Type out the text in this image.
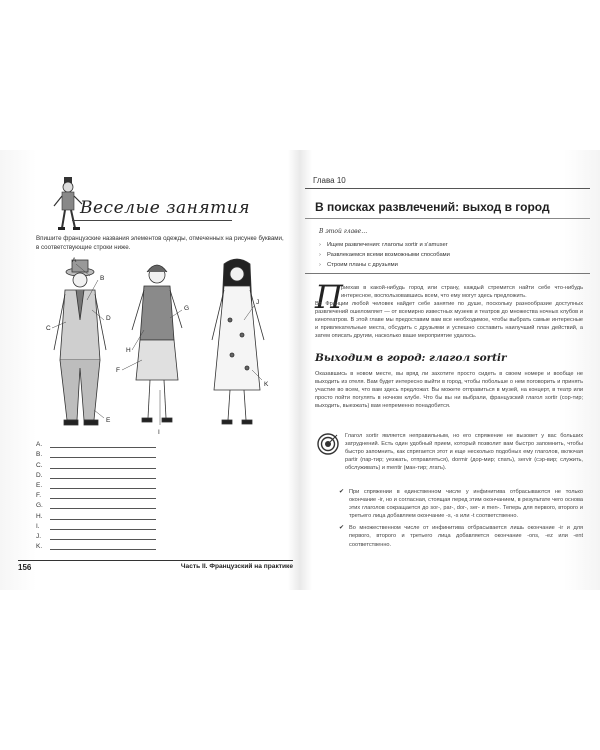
Веселые занятия
Впишите французские названия элементов одежды, отмеченных на рисунке буквами, в соответствующие строки ниже.
A
B
C
D
E
F
G
H
I
J
K
A.
B.
C.
D.
E.
F.
G.
H.
I.
J.
K.
156	Часть II. Французский на практике
Глава 10
В поисках развлечений: выход в город
В этой главе…
›	Ищем развлечения: глаголы sortir и s'amuser
›	Развлекаемся всеми возможными способами
›	Строим планы с друзьями
П
риехав в какой-нибудь город или страну, каждый стремится найти себе что-нибудь интересное, воспользовавшись всем, что ему могут здесь предложить.
Во Франции любой человек найдет себе занятие по душе, поскольку разнообразие доступных развлечений ошеломляет — от всемирно известных музеев и театров до множества ночных клубов и кинотеатров. В этой главе мы предоставим вам все необходимое, чтобы выбрать самые интересные и привлекательные места, обсудить с друзьями и успешно составить наилучший план действий, а затем описать другим, насколько ваше мероприятие удалось.
Выходим в город: глагол sortir
Оказавшись в новом месте, вы вряд ли захотите просто сидеть в своем номере и вообще не выходить из отеля. Вам будет интересно выйти в город, чтобы побольше о нем поговорить и принять участие во всем, что вам здесь предложат. Вы можете отправиться в музей, на концерт, в театр или просто пойти погулять в ночном клубе. Что бы вы ни выбрали, французский глагол sortir (сор-тир; выходить, выезжать) вам непременно понадобится.
Глагол sortir является неправильным, но его спряжение не вызовет у вас больших затруднений. Есть один удобный прием, который позволит вам быстро запомнить, чтобы быстро запомнить, как спрягается этот и еще несколько подобных ему глаголов, включая partir (пар-тир; уезжать, отправляться), dormir (дор-мир; спать), servir (сэр-вир; служить, обслуживать) и mentir (ман-тир; лгать).
✔ При спряжении в единственном числе у инфинитива отбрасываются не только окончание -ir, но и согласная, стоящая перед этим окончанием, в результате чего основа этих глаголов сокращается до sor-, par-, dor-, ser- и men-. Теперь для первого, второго и третьего лица добавляем окончание -s, -s или -t соответственно.
✔ Во множественном числе от инфинитива отбрасывается лишь окончание -ir и для первого, второго и третьего лица добавляется окончание -ons, -ez или -ent соответственно.
